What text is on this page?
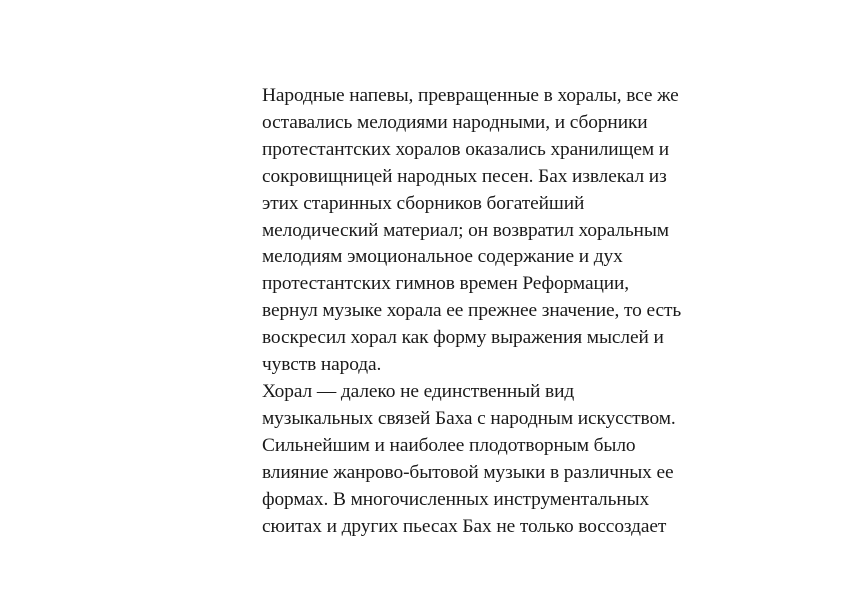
Народные напевы, превращенные в хоралы, все же
оставались мелодиями народными, и сборники
протестантских хоралов оказались хранилищем и
сокровищницей народных песен. Бах извлекал из
этих старинных сборников богатейший
мелодический материал; он возвратил хоральным
мелодиям эмоциональное содержание и дух
протестантских гимнов времен Реформации,
вернул музыке хорала ее прежнее значение, то есть
воскресил хорал как форму выражения мыслей и
чувств народа.
Хорал — далеко не единственный вид
музыкальных связей Баха с народным искусством.
Сильнейшим и наиболее плодотворным было
влияние жанрово-бытовой музыки в различных ее
формах. В многочисленных инструментальных
сюитах и других пьесах Бах не только воссоздает
